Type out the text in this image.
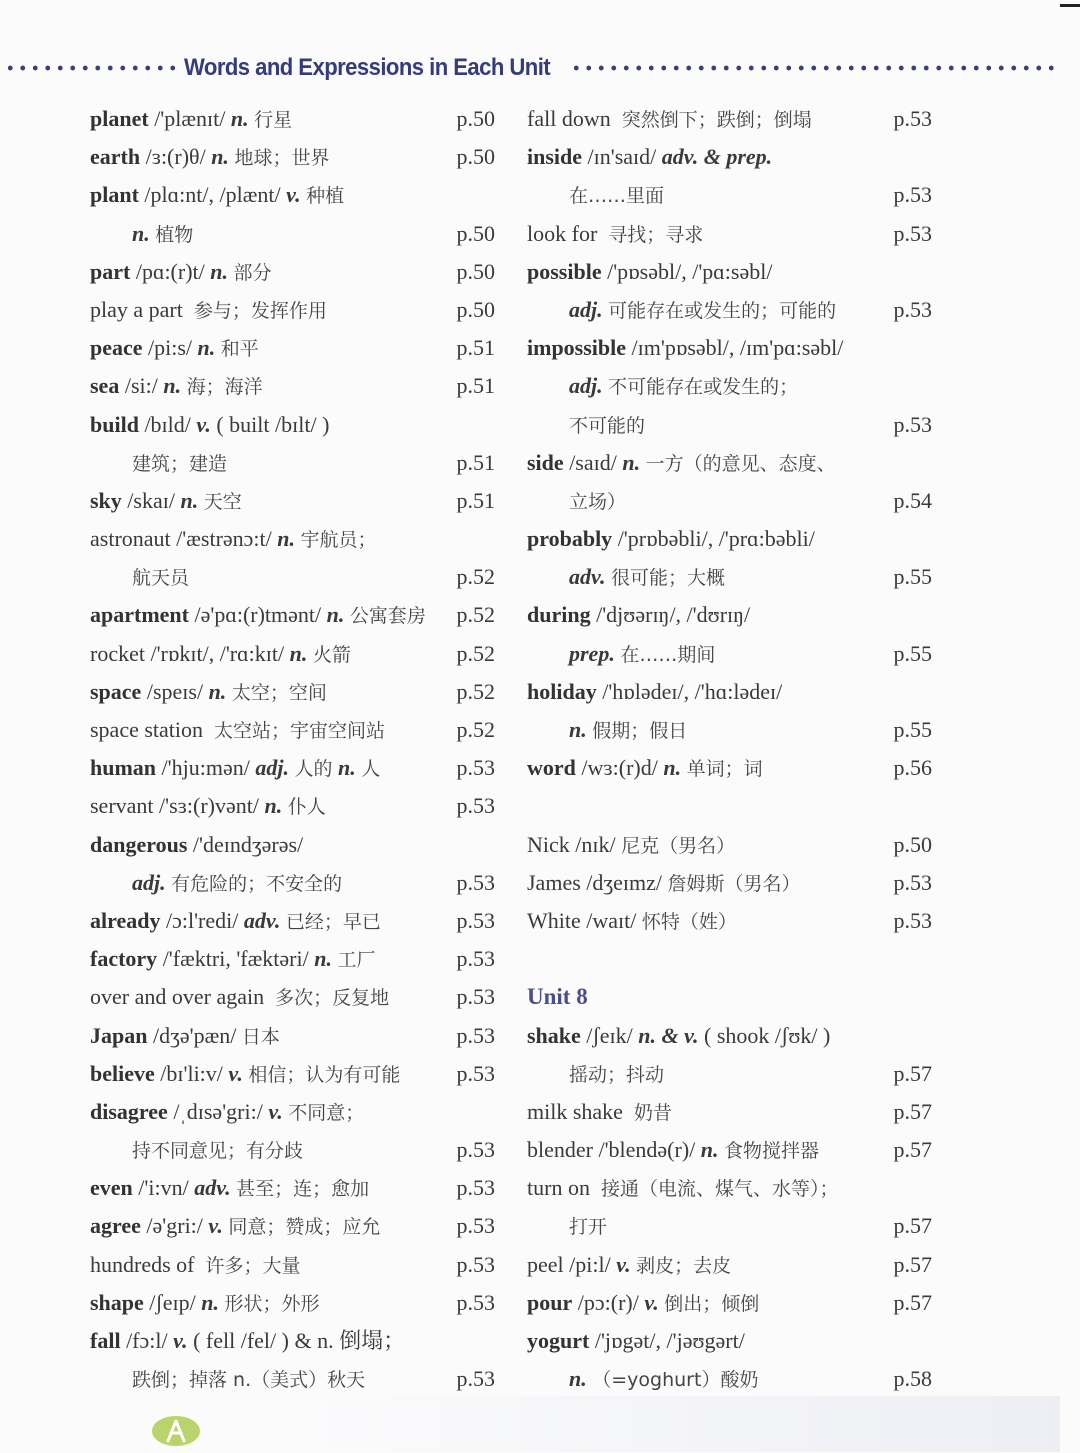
Words and Expressions in Each Unit
planet /'plænɪt/ n. 行星	p.50
earth /ɜ:(r)θ/ n. 地球；世界	p.50
plant /plɑ:nt/, /plænt/ v. 种植
n. 植物	p.50
part /pɑ:(r)t/ n. 部分	p.50
play a part 参与；发挥作用	p.50
peace /pi:s/ n. 和平	p.51
sea /si:/ n. 海；海洋	p.51
build /bɪld/ v. ( built /bɪlt/ )
建筑；建造	p.51
sky /skaɪ/ n. 天空	p.51
astronaut /'æstrənɔ:t/ n. 宇航员；
航天员	p.52
apartment /ə'pɑ:(r)tmənt/ n. 公寓套房 p.52
rocket /'rɒkɪt/, /'rɑ:kɪt/ n. 火箭	p.52
space /speɪs/ n. 太空；空间	p.52
space station 太空站；宇宙空间站	p.52
human /'hju:mən/ adj. 人的 n. 人	p.53
servant /'sɜ:(r)vənt/ n. 仆人	p.53
dangerous /'deɪndʒərəs/
adj. 有危险的；不安全的	p.53
already /ɔ:l'redi/ adv. 已经；早已	p.53
factory /'fæktri, 'fæktəri/ n. 工厂	p.53
over and over again 多次；反复地	p.53
Japan /dʒə'pæn/ 日本	p.53
believe /bɪ'li:v/ v. 相信；认为有可能	p.53
disagree /ˌdɪsə'gri:/ v. 不同意；
持不同意见；有分歧	p.53
even /'i:vn/ adv. 甚至；连；愈加	p.53
agree /ə'gri:/ v. 同意；赞成；应允	p.53
hundreds of 许多；大量	p.53
shape /ʃeɪp/ n. 形状；外形	p.53
fall /fɔ:l/ v. ( fell /fel/ ) & n. 倒塌；
跌倒；掉落 n.（美式）秋天	p.53
fall down 突然倒下；跌倒；倒塌	p.53
inside /ɪn'saɪd/ adv. & prep.
在……里面	p.53
look for 寻找；寻求	p.53
possible /'pɒsəbl/, /'pɑ:səbl/
adj. 可能存在或发生的；可能的	p.53
impossible /ɪm'pɒsəbl/, /ɪm'pɑ:səbl/
adj. 不可能存在或发生的；
不可能的	p.53
side /saɪd/ n. 一方（的意见、态度、
立场）	p.54
probably /'prɒbəbli/, /'prɑ:bəbli/
adv. 很可能；大概	p.55
during /'djʊərɪŋ/, /'dʊrɪŋ/
prep. 在……期间	p.55
holiday /'hɒlədeɪ/, /'hɑ:lədeɪ/
n. 假期；假日	p.55
word /wɜ:(r)d/ n. 单词；词	p.56
Nick /nɪk/ 尼克（男名）	p.50
James /dʒeɪmz/ 詹姆斯（男名）	p.53
White /waɪt/ 怀特（姓）	p.53
Unit 8
shake /ʃeɪk/ n. & v. ( shook /ʃʊk/ )
摇动；抖动	p.57
milk shake 奶昔	p.57
blender /'blendə(r)/ n. 食物搅拌器	p.57
turn on 接通（电流、煤气、水等）；
打开	p.57
peel /pi:l/ v. 剥皮；去皮	p.57
pour /pɔ:(r)/ v. 倒出；倾倒	p.57
yogurt /'jɒgət/, /'jəʊgərt/
n. （=yoghurt）酸奶	p.58
